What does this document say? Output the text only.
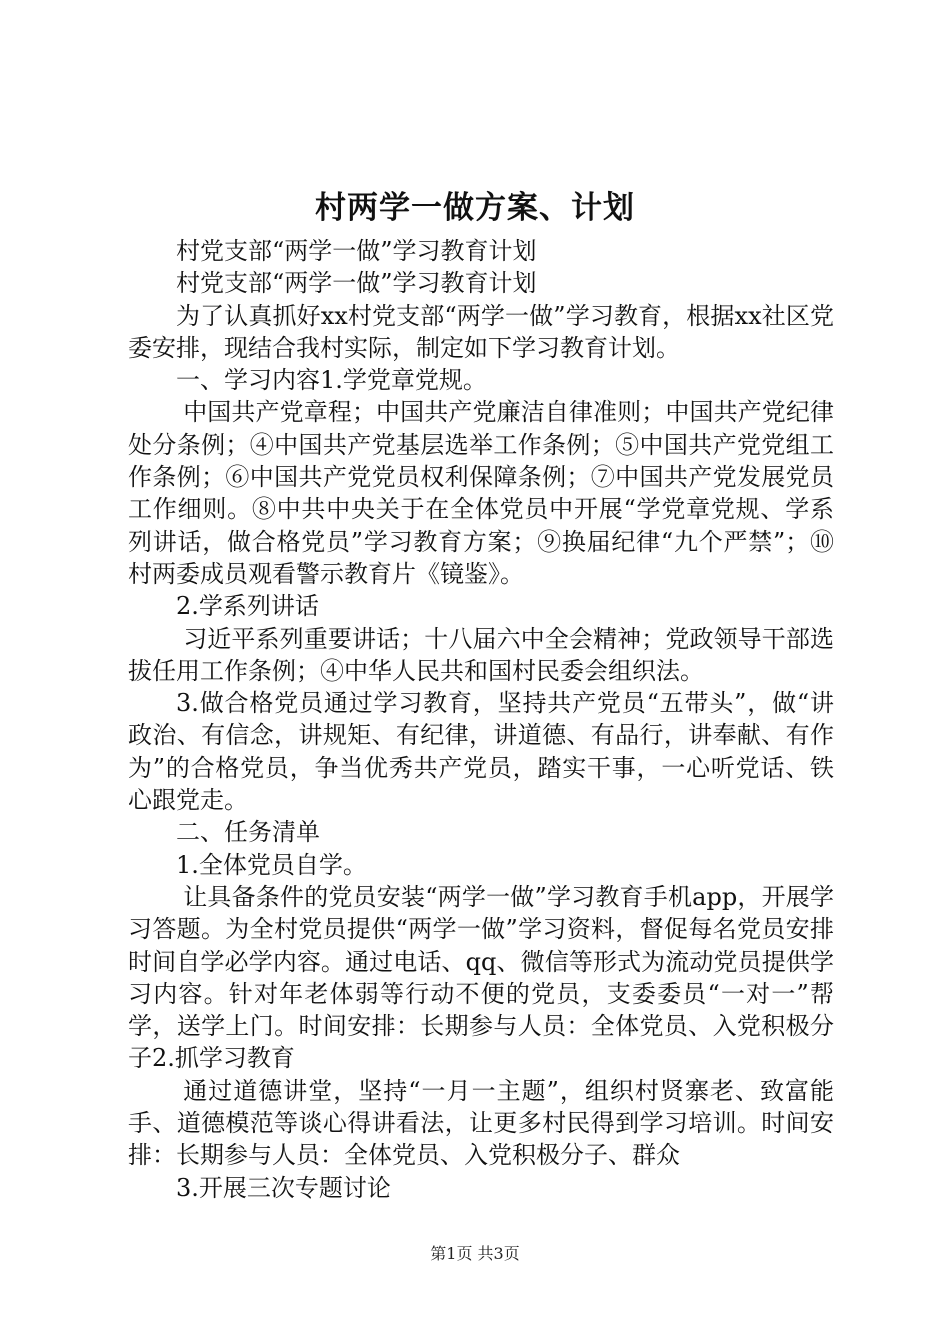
村两学一做方案、计划

村党支部“两学一做”学习教育计划

村党支部“两学一做”学习教育计划

为了认真抓好xx村党支部“两学一做”学习教育，根据xx社区党委安排，现结合我村实际，制定如下学习教育计划。

一、学习内容1.学党章党规。

中国共产党章程；中国共产党廉洁自律准则；中国共产党纪律处分条例；④中国共产党基层选举工作条例；⑤中国共产党党组工作条例；⑥中国共产党党员权利保障条例；⑦中国共产党发展党员工作细则。⑧中共中央关于在全体党员中开展“学党章党规、学系列讲话，做合格党员”学习教育方案；⑨换届纪律“九个严禁”；⑩村两委成员观看警示教育片《镜鉴》。

2.学系列讲话

习近平系列重要讲话；十八届六中全会精神；党政领导干部选拔任用工作条例；④中华人民共和国村民委会组织法。

3.做合格党员通过学习教育，坚持共产党员“五带头”，做“讲政治、有信念，讲规矩、有纪律，讲道德、有品行，讲奉献、有作为”的合格党员，争当优秀共产党员，踏实干事，一心听党话、铁心跟党走。

二、任务清单

1.全体党员自学。

让具备条件的党员安装“两学一做”学习教育手机app，开展学习答题。为全村党员提供“两学一做”学习资料，督促每名党员安排时间自学必学内容。通过电话、qq、微信等形式为流动党员提供学习内容。针对年老体弱等行动不便的党员，支委委员“一对一”帮学，送学上门。时间安排：长期参与人员：全体党员、入党积极分子2.抓学习教育

通过道德讲堂，坚持“一月一主题”，组织村贤寨老、致富能手、道德模范等谈心得讲看法，让更多村民得到学习培训。时间安排：长期参与人员：全体党员、入党积极分子、群众

3.开展三次专题讨论

第1页 共3页
